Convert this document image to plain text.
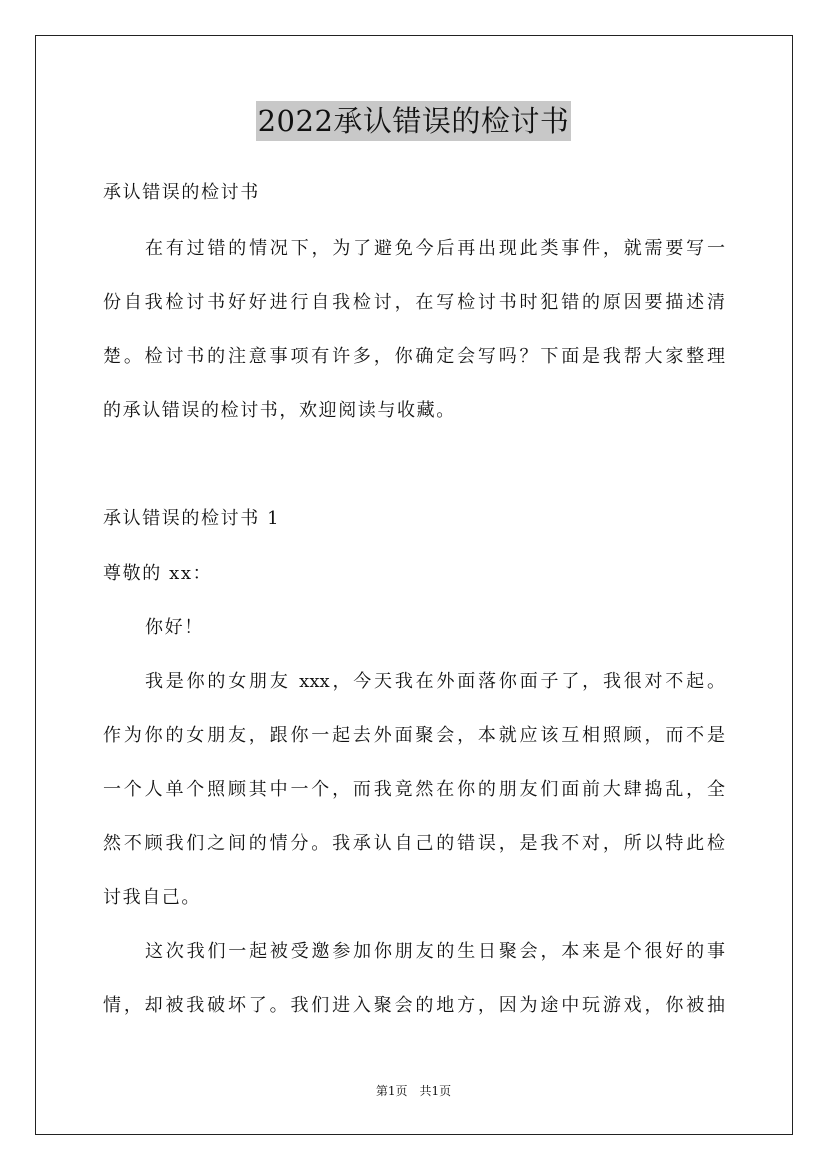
2022承认错误的检讨书
承认错误的检讨书
在有过错的情况下，为了避免今后再出现此类事件，就需要写一
份自我检讨书好好进行自我检讨，在写检讨书时犯错的原因要描述清
楚。检讨书的注意事项有许多，你确定会写吗？下面是我帮大家整理
的承认错误的检讨书，欢迎阅读与收藏。
承认错误的检讨书 1
尊敬的 xx：
你好！
我是你的女朋友 xxx，今天我在外面落你面子了，我很对不起。
作为你的女朋友，跟你一起去外面聚会，本就应该互相照顾，而不是
一个人单个照顾其中一个，而我竟然在你的朋友们面前大肆捣乱，全
然不顾我们之间的情分。我承认自己的错误，是我不对，所以特此检
讨我自己。
这次我们一起被受邀参加你朋友的生日聚会，本来是个很好的事
情，却被我破坏了。我们进入聚会的地方，因为途中玩游戏，你被抽
第1页　共1页
